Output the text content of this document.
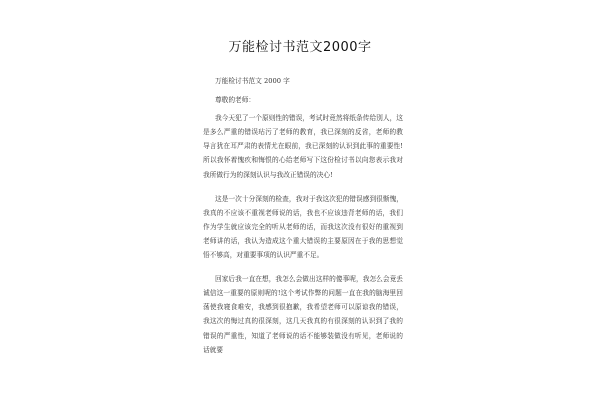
万能检讨书范文2000字
万能检讨书范文 2000 字
尊敬的老师：
我今天犯了一个原则性的错误，考试时竟然将纸条传给别人，这是多么严重的错误玷污了老师的教育，我已深刻的反省，老师的教导言犹在耳严肃的表情尤在眼前，我已深刻的认识到此事的重要性!所以我怀着愧疚和悔恨的心给老师写下这份检讨书以向您表示我对我所做行为的深刻认识与我改正错误的决心!
这是一次十分深刻的检查，我对于我这次犯的错误感到很惭愧，我真的不应该不重视老师说的话，我也不应该违背老师的话，我们作为学生就应该完全的听从老师的话，而我这次没有很好的重视到老师讲的话，我认为造成这个重大错误的主要原因在于我的思想觉悟不够高，对重要事项的认识严重不足。
回家后我一直在想，我怎么会做出这样的傻事呢，我怎么会竟丢诚信这一重要的原则呢的!这个考试作弊的问题一直在我的脑海里回荡使我寝食难安，我感到很抱歉，我希望老师可以原谅我的错误，我这次的悔过真的很深刻，这几天我真的有很深刻的认识到了我的错误的严重性，知道了老师说的话不能够装做没有听见，老师说的话就要
